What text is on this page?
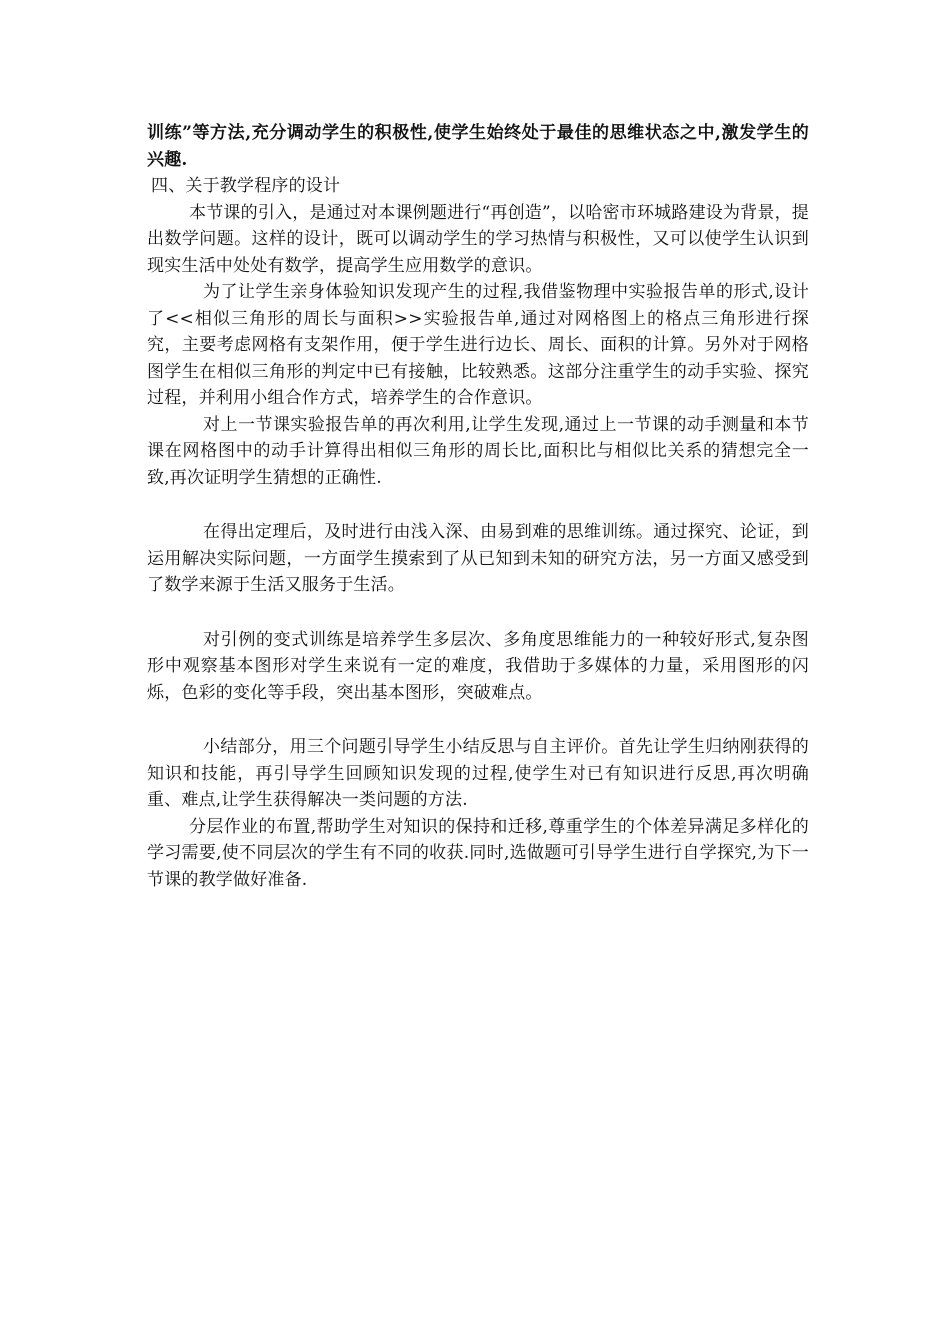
训练”等方法,充分调动学生的积极性,使学生始终处于最佳的思维状态之中,激发学生的兴趣.

四、关于教学程序的设计

本节课的引入，是通过对本课例题进行“再创造”，以哈密市环城路建设为背景，提出数学问题。这样的设计，既可以调动学生的学习热情与积极性，又可以使学生认识到现实生活中处处有数学，提高学生应用数学的意识。

为了让学生亲身体验知识发现产生的过程,我借鉴物理中实验报告单的形式,设计了<<相似三角形的周长与面积>>实验报告单,通过对网格图上的格点三角形进行探究，主要考虑网格有支架作用，便于学生进行边长、周长、面积的计算。另外对于网格图学生在相似三角形的判定中已有接触，比较熟悉。这部分注重学生的动手实验、探究过程，并利用小组合作方式，培养学生的合作意识。

对上一节课实验报告单的再次利用,让学生发现,通过上一节课的动手测量和本节课在网格图中的动手计算得出相似三角形的周长比,面积比与相似比关系的猜想完全一致,再次证明学生猜想的正确性.

在得出定理后，及时进行由浅入深、由易到难的思维训练。通过探究、论证，到运用解决实际问题，一方面学生摸索到了从已知到未知的研究方法，另一方面又感受到了数学来源于生活又服务于生活。

对引例的变式训练是培养学生多层次、多角度思维能力的一种较好形式,复杂图形中观察基本图形对学生来说有一定的难度，我借助于多媒体的力量，采用图形的闪烁，色彩的变化等手段，突出基本图形，突破难点。

小结部分，用三个问题引导学生小结反思与自主评价。首先让学生归纳刚获得的知识和技能，再引导学生回顾知识发现的过程,使学生对已有知识进行反思,再次明确重、难点,让学生获得解决一类问题的方法.

分层作业的布置,帮助学生对知识的保持和迁移,尊重学生的个体差异满足多样化的学习需要,使不同层次的学生有不同的收获.同时,选做题可引导学生进行自学探究,为下一节课的教学做好准备.
